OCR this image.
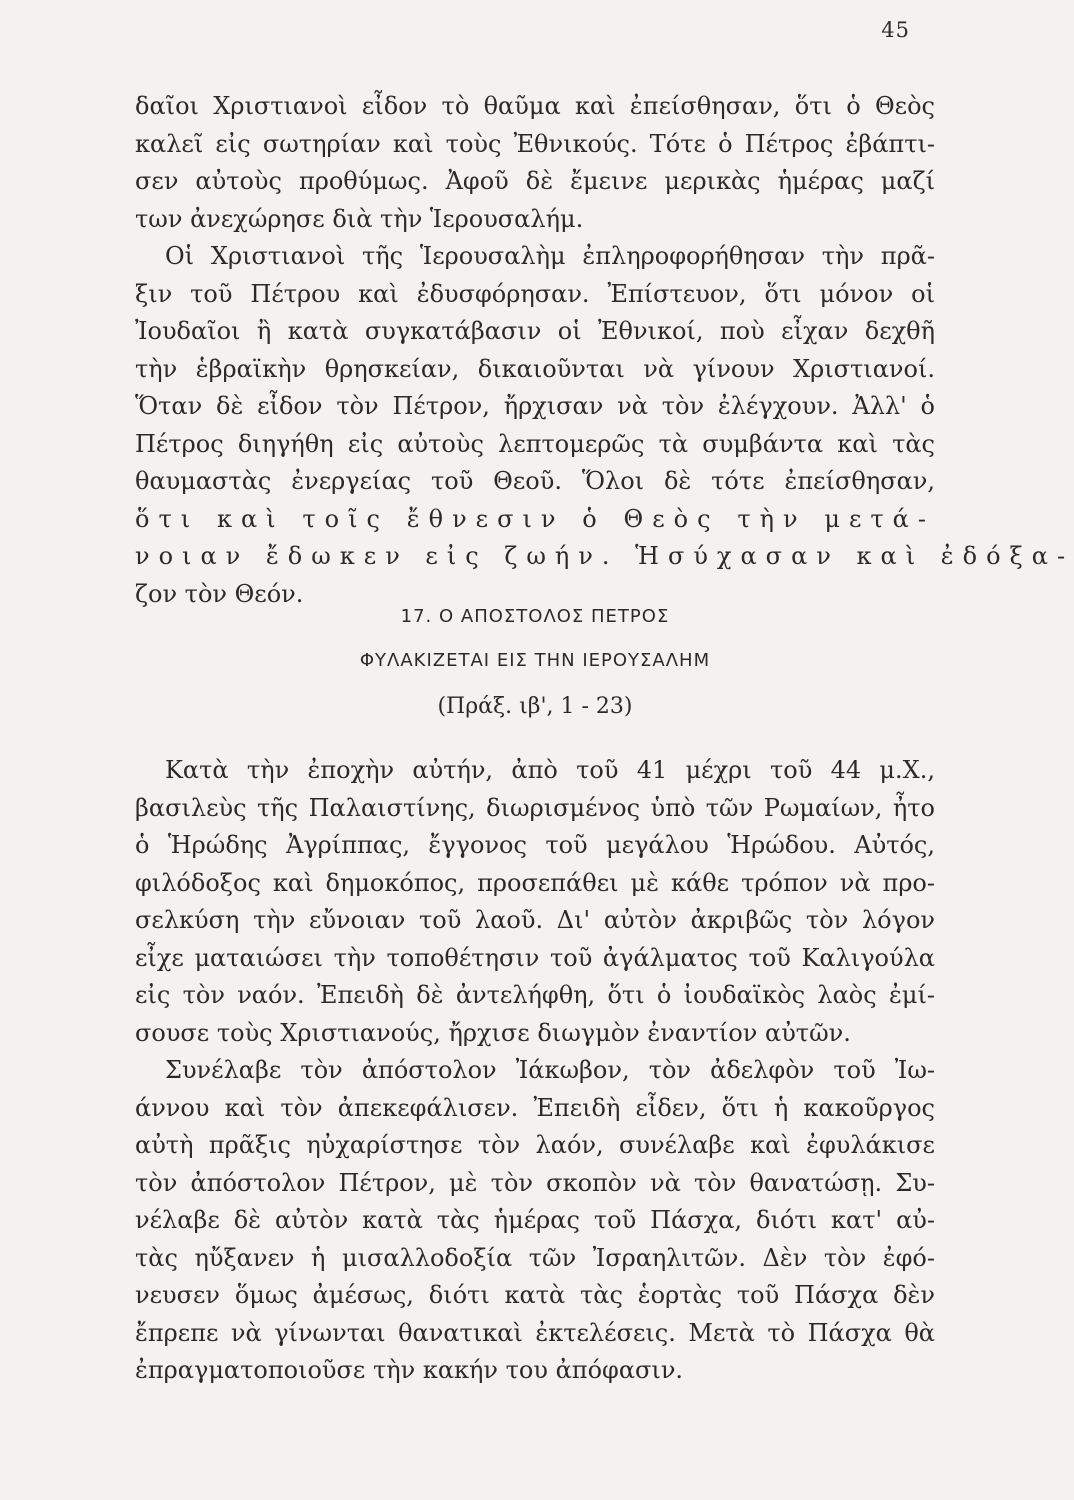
45
δαῖοι Χριστιανοὶ εἶδον τὸ θαῦμα καὶ ἐπείσθησαν, ὅτι ὁ Θεὸς
καλεῖ εἰς σωτηρίαν καὶ τοὺς Ἐθνικούς. Τότε ὁ Πέτρος ἐβάπτι-
σεν αὐτοὺς προθύμως. Ἀφοῦ δὲ ἔμεινε μερικὰς ἡμέρας μαζί
των ἀνεχώρησε διὰ τὴν Ἱερουσαλήμ.
Οἱ Χριστιανοὶ τῆς Ἱερουσαλὴμ ἐπληροφορήθησαν τὴν πρᾶ-
ξιν τοῦ Πέτρου καὶ ἐδυσφόρησαν. Ἐπίστευον, ὅτι μόνον οἱ
Ἰουδαῖοι ἢ κατὰ συγκατάβασιν οἱ Ἐθνικοί, ποὺ εἶχαν δεχθῆ
τὴν ἑβραϊκὴν θρησκείαν, δικαιοῦνται νὰ γίνουν Χριστιανοί.
Ὅταν δὲ εἶδον τὸν Πέτρον, ἤρχισαν νὰ τὸν ἐλέγχουν. Ἀλλ' ὁ
Πέτρος διηγήθη εἰς αὐτοὺς λεπτομερῶς τὰ συμβάντα καὶ τὰς
θαυμαστὰς ἐνεργείας τοῦ Θεοῦ. Ὅλοι δὲ τότε ἐπείσθησαν,
ὅτι καὶ τοῖς ἔθνεσιν ὁ Θεὸς τὴν μετά-
νοιαν ἔδωκεν εἰς ζωήν. Ἡσύχασαν καὶ ἐδόξα-
ζον τὸν Θεόν.
17. Ο ΑΠΟΣΤΟΛΟΣ ΠΕΤΡΟΣ
ΦΥΛΑΚΙΖΕΤΑΙ ΕΙΣ ΤΗΝ ΙΕΡΟΥΣΑΛΗΜ
(Πράξ. ιβ', 1 - 23)
Κατὰ τὴν ἐποχὴν αὐτήν, ἀπὸ τοῦ 41 μέχρι τοῦ 44 μ.Χ.,
βασιλεὺς τῆς Παλαιστίνης, διωρισμένος ὑπὸ τῶν Ρωμαίων, ἦτο
ὁ Ἡρώδης Ἀγρίππας, ἔγγονος τοῦ μεγάλου Ἡρώδου. Αὐτός,
φιλόδοξος καὶ δημοκόπος, προσεπάθει μὲ κάθε τρόπον νὰ προ-
σελκύση τὴν εὔνοιαν τοῦ λαοῦ. Δι' αὐτὸν ἀκριβῶς τὸν λόγον
εἶχε ματαιώσει τὴν τοποθέτησιν τοῦ ἀγάλματος τοῦ Καλιγούλα
εἰς τὸν ναόν. Ἐπειδὴ δὲ ἀντελήφθη, ὅτι ὁ ἰουδαϊκὸς λαὸς ἐμί-
σουσε τοὺς Χριστιανούς, ἤρχισε διωγμὸν ἐναντίον αὐτῶν.
Συνέλαβε τὸν ἀπόστολον Ἰάκωβον, τὸν ἀδελφὸν τοῦ Ἰω-
άννου καὶ τὸν ἀπεκεφάλισεν. Ἐπειδὴ εἶδεν, ὅτι ἡ κακοῦργος
αὐτὴ πρᾶξις ηὐχαρίστησε τὸν λαόν, συνέλαβε καὶ ἐφυλάκισε
τὸν ἀπόστολον Πέτρον, μὲ τὸν σκοπὸν νὰ τὸν θανατώσῃ. Συ-
νέλαβε δὲ αὐτὸν κατὰ τὰς ἡμέρας τοῦ Πάσχα, διότι κατ' αὐ-
τὰς ηὔξανεν ἡ μισαλλοδοξία τῶν Ἰσραηλιτῶν. Δὲν τὸν ἐφό-
νευσεν ὅμως ἀμέσως, διότι κατὰ τὰς ἑορτὰς τοῦ Πάσχα δὲν
ἔπρεπε νὰ γίνωνται θανατικαὶ ἐκτελέσεις. Μετὰ τὸ Πάσχα θὰ
ἐπραγματοποιοῦσε τὴν κακήν του ἀπόφασιν.
